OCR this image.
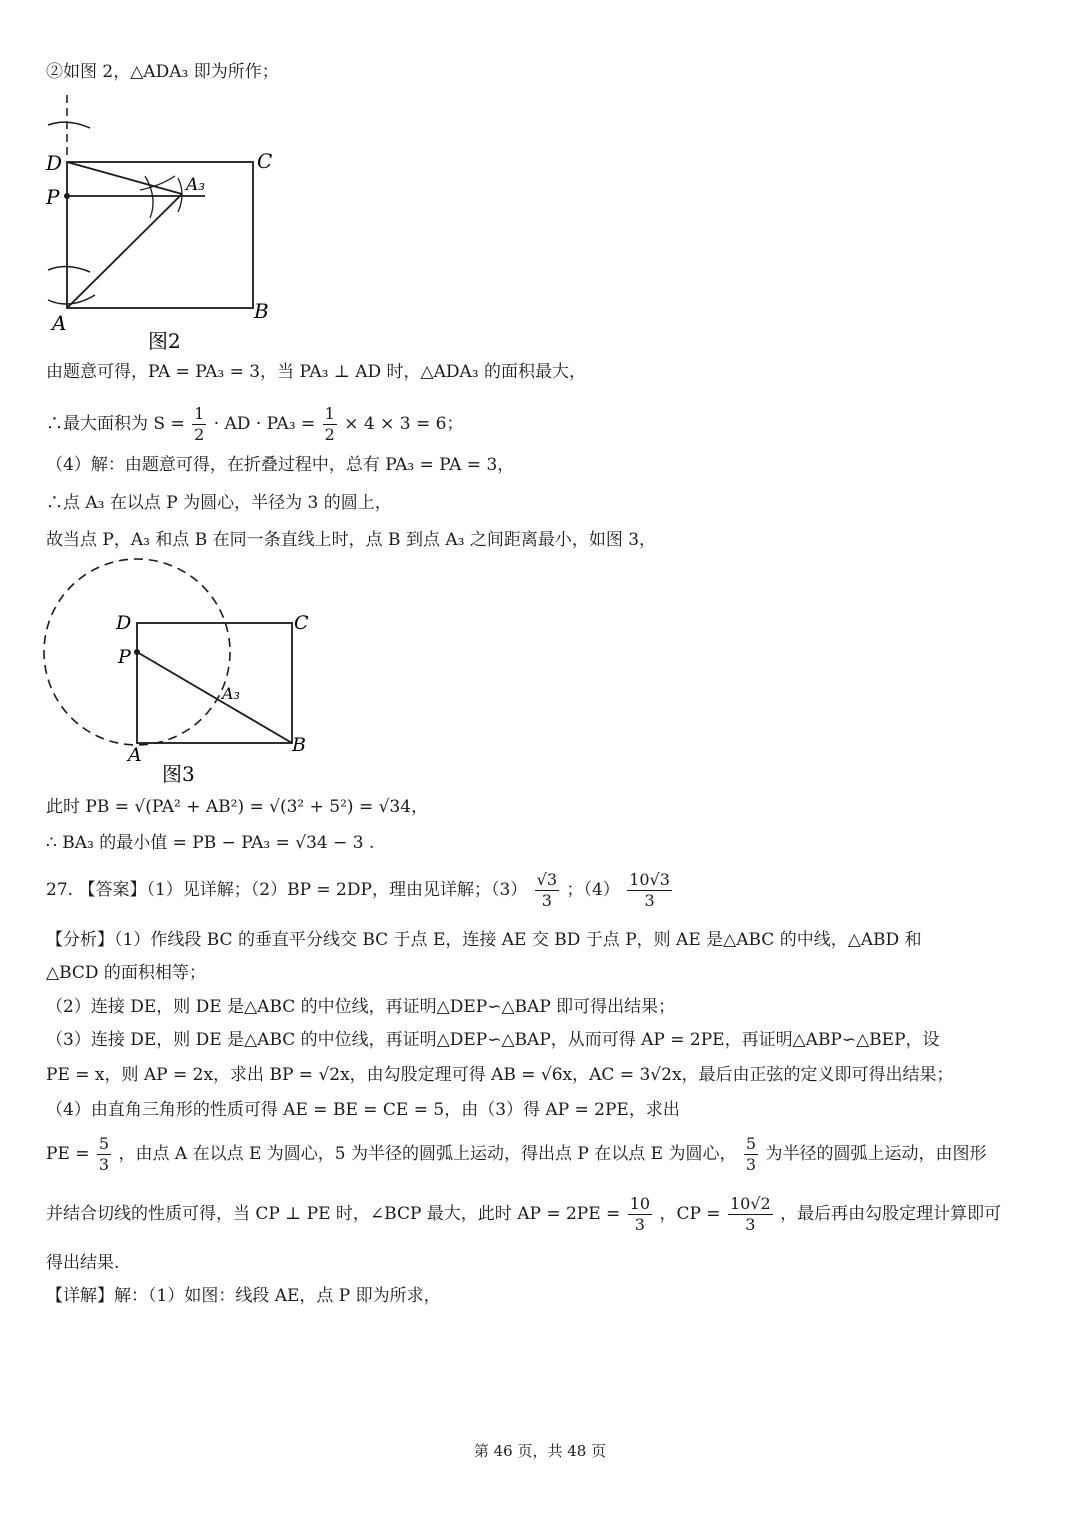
②如图 2，△ADA₃ 即为所作；
D	C
P	A₃
A	B
图2
由题意可得，PA = PA₃ = 3，当 PA₃ ⊥ AD 时，△ADA₃ 的面积最大，
∴最大面积为 $S = \frac{1}{2}$ · AD · $PA_3 = \frac{1}{2} \times 4 \times 3 = 6$；
（4）解：由题意可得，在折叠过程中，总有 PA₃ = PA = 3，
∴点 A₃ 在以点 P 为圆心，半径为 3 的圆上，
故当点 P，A₃ 和点 B 在同一条直线上时，点 B 到点 A₃ 之间距离最小，如图 3，
D	C
P
A₃
A	B
图3
此时 PB = √(PA² + AB²) = √(3² + 5²) = √34，
∴ BA₃ 的最小值 = PB − PA₃ = √34 − 3 .
27. 【答案】（1）见详解；（2）BP = 2DP，理由见详解；$(3) \frac{√3}{3}$ ；$(4) \frac{10√3}{3}$
【分析】（1）作线段 BC 的垂直平分线交 BC 于点 E，连接 AE 交 BD 于点 P，则 AE 是△ABC 的中线，△ABD 和
△BCD 的面积相等；
（2）连接 DE，则 DE 是△ABC 的中位线，再证明△DEP∽△BAP 即可得出结果；
（3）连接 DE，则 DE 是△ABC 的中位线，再证明△DEP∽△BAP，从而可得 AP = 2PE，再证明△ABP∽△BEP，设
PE = x，则 AP = 2x，求出 BP = √2x，由勾股定理可得 AB = √6x，AC = 3√2x，最后由正弦的定义即可得出结果；
（4）由直角三角形的性质可得 AE = BE = CE = 5，由（3）得 AP = 2PE，求出
PE = $\frac{5}{3}$ ，由点 A 在以点 E 为圆心，5 为半径的圆弧上运动，得出点 P 在以点 E 为圆心， $\frac{5}{3}$ 为半径的圆弧上运动，由图形
并结合切线的性质可得，当 CP ⊥ PE 时，∠BCP 最大，此时 AP = $2PE = \frac{10}{3}$ ，CP = $\frac{10√2}{3}$ ，最后再由勾股定理计算即可
得出结果.
【详解】解：（1）如图：线段 AE，点 P 即为所求，
第 46 页，共 48 页
